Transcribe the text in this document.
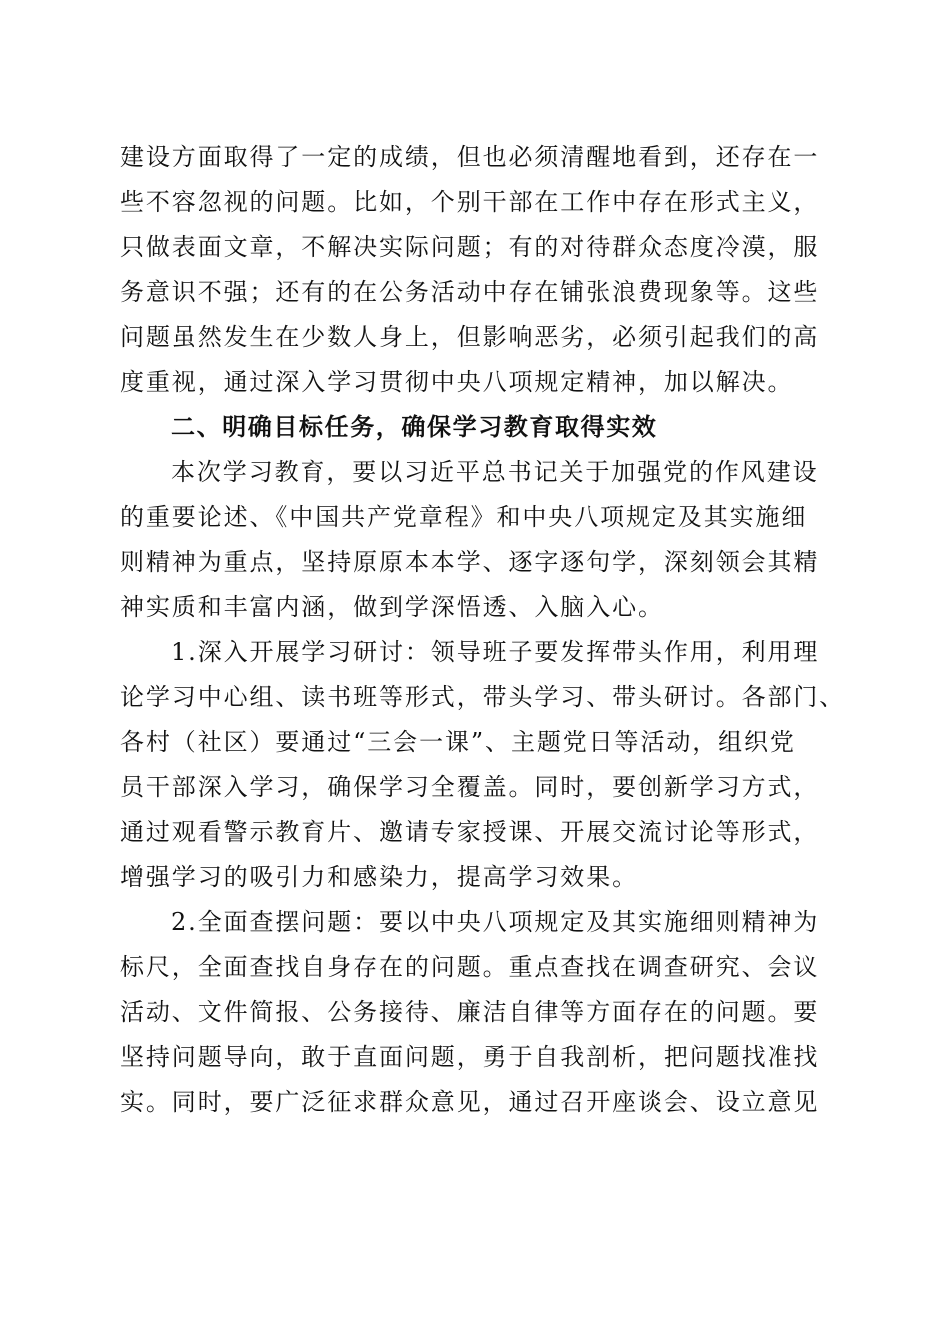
建设方面取得了一定的成绩，但也必须清醒地看到，还存在一
些不容忽视的问题。比如，个别干部在工作中存在形式主义，
只做表面文章，不解决实际问题；有的对待群众态度冷漠，服
务意识不强；还有的在公务活动中存在铺张浪费现象等。这些
问题虽然发生在少数人身上，但影响恶劣，必须引起我们的高
度重视，通过深入学习贯彻中央八项规定精神，加以解决。
二、明确目标任务，确保学习教育取得实效
本次学习教育，要以习近平总书记关于加强党的作风建设
的重要论述、《中国共产党章程》和中央八项规定及其实施细
则精神为重点，坚持原原本本学、逐字逐句学，深刻领会其精
神实质和丰富内涵，做到学深悟透、入脑入心。
1.深入开展学习研讨：领导班子要发挥带头作用，利用理
论学习中心组、读书班等形式，带头学习、带头研讨。各部门、
各村（社区）要通过“三会一课”、主题党日等活动，组织党
员干部深入学习，确保学习全覆盖。同时，要创新学习方式，
通过观看警示教育片、邀请专家授课、开展交流讨论等形式，
增强学习的吸引力和感染力，提高学习效果。
2.全面查摆问题：要以中央八项规定及其实施细则精神为
标尺，全面查找自身存在的问题。重点查找在调查研究、会议
活动、文件简报、公务接待、廉洁自律等方面存在的问题。要
坚持问题导向，敢于直面问题，勇于自我剖析，把问题找准找
实。同时，要广泛征求群众意见，通过召开座谈会、设立意见
